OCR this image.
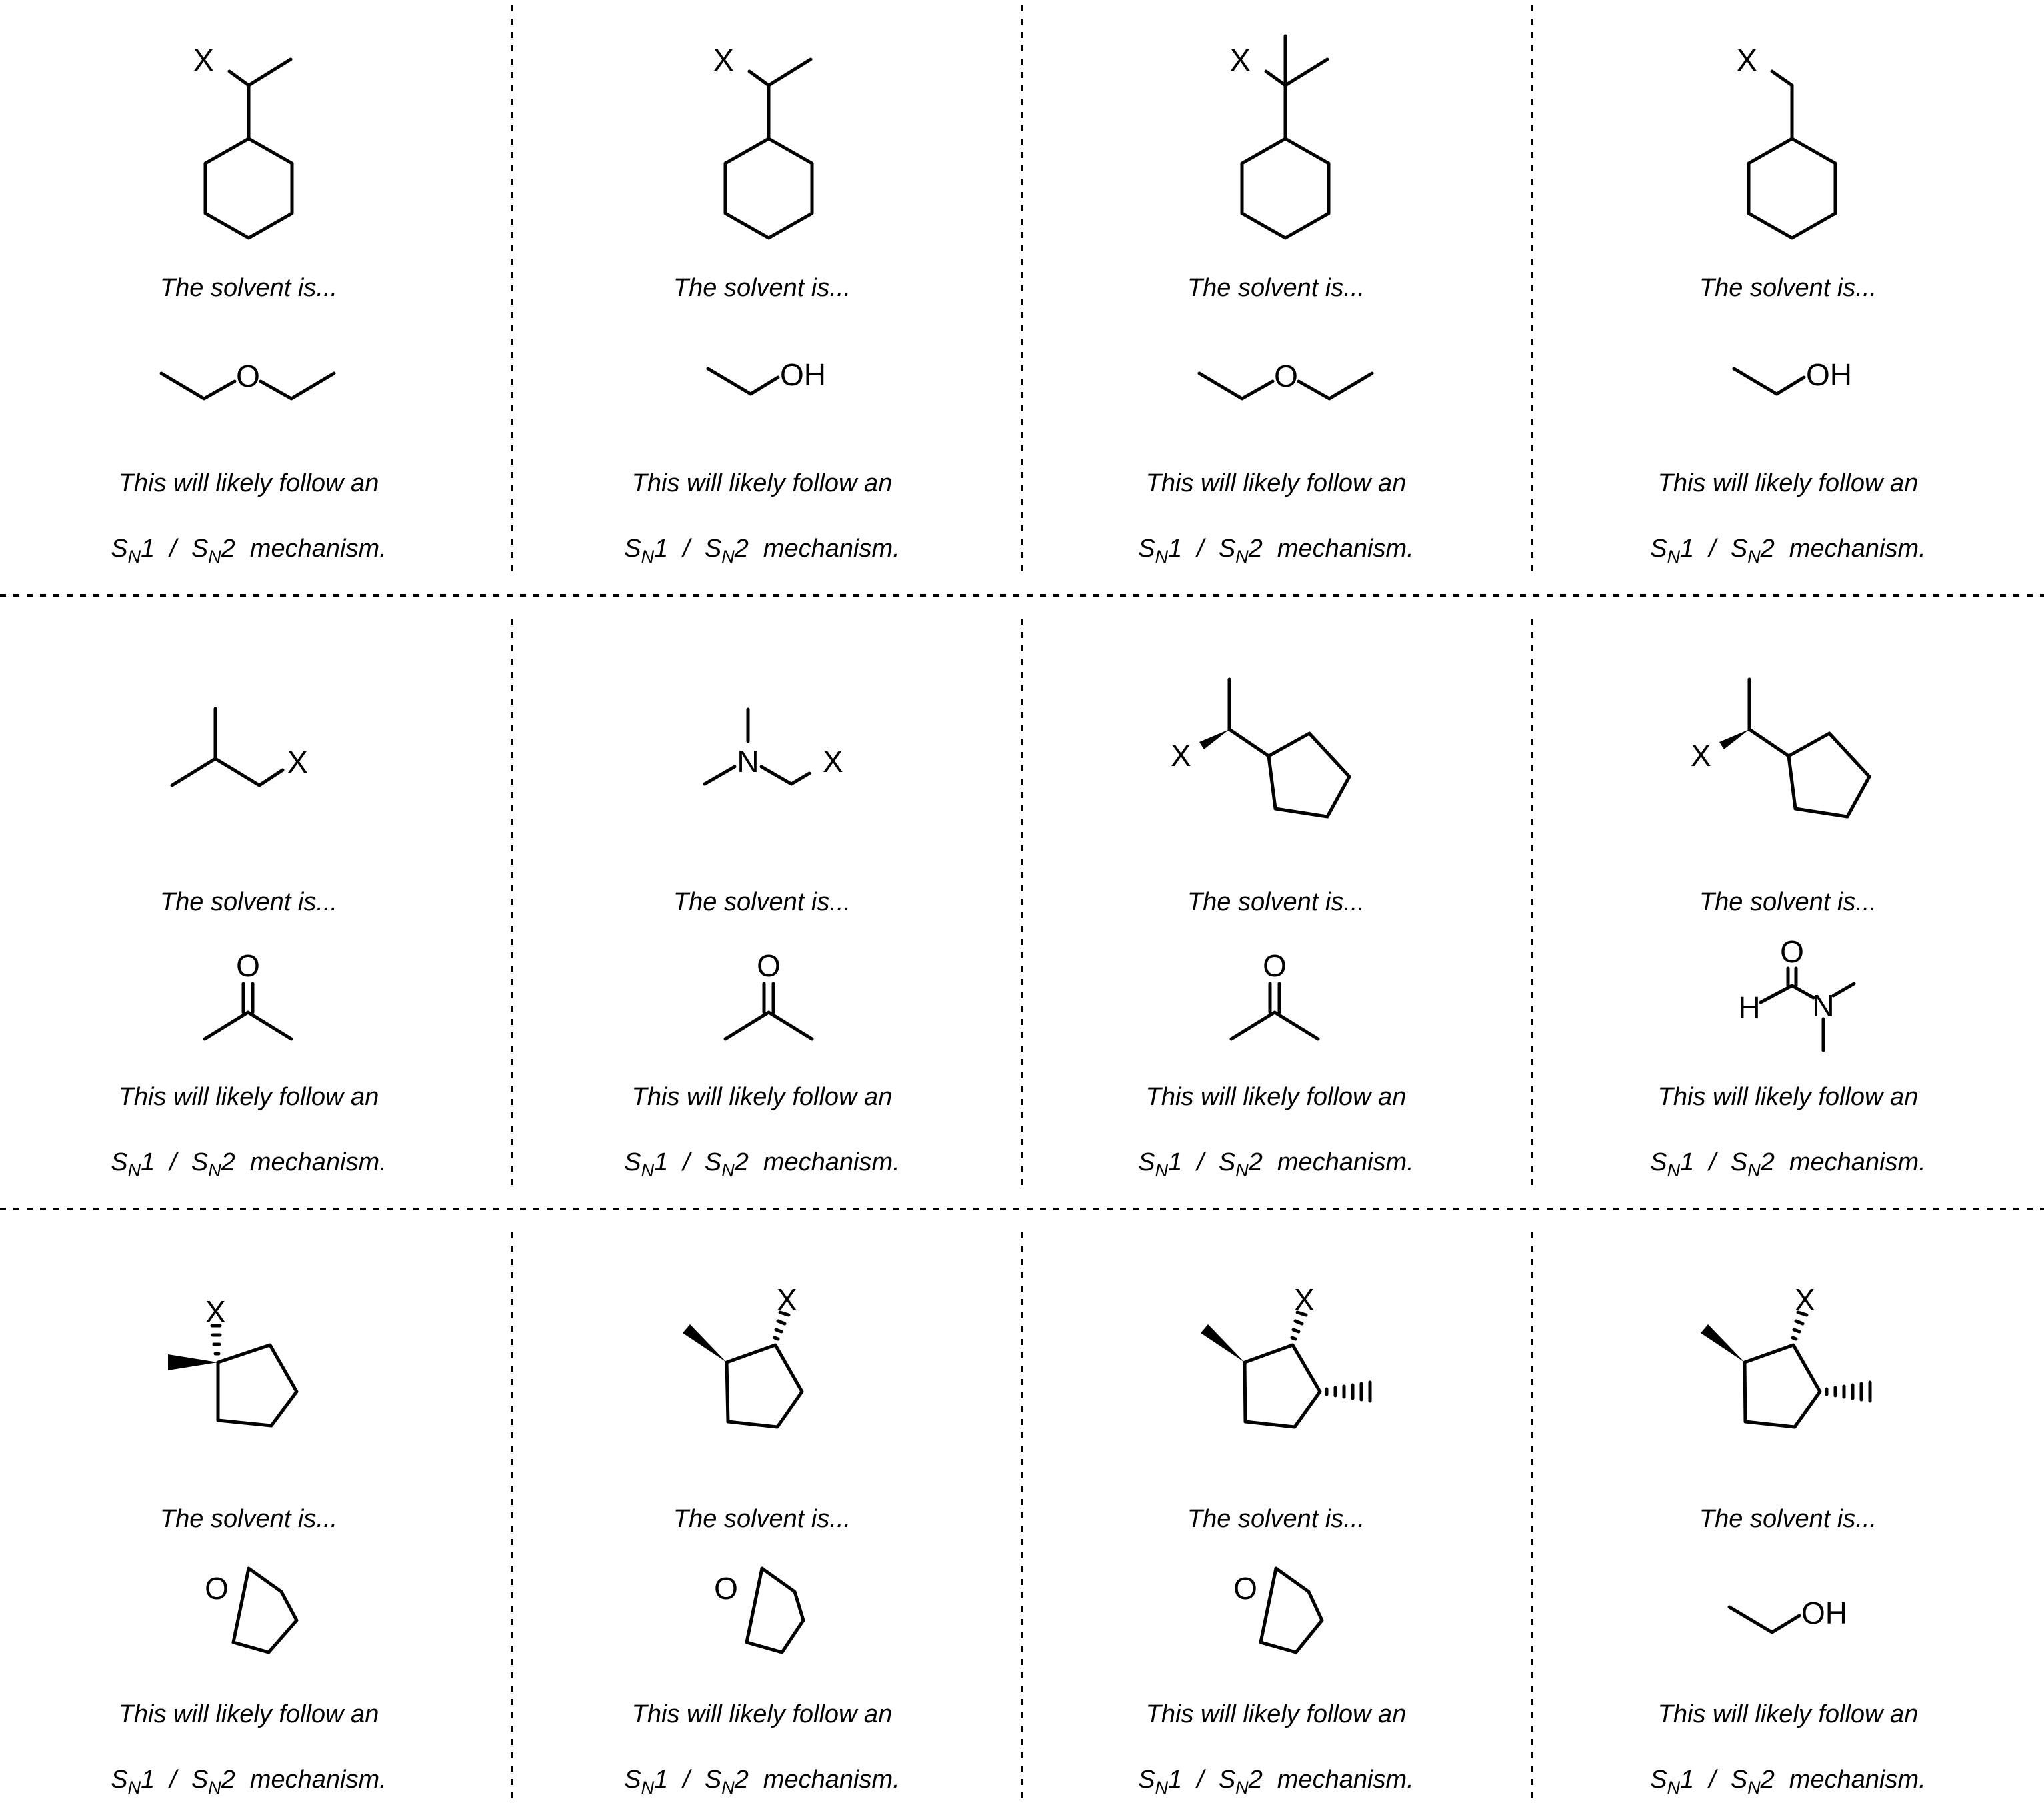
X
The solvent is...
O
This will likely follow an
$S_N1 / S_N2$ mechanism.
X
The solvent is...
OH
This will likely follow an
$S_N1 / S_N2$ mechanism.
X
The solvent is...
O
This will likely follow an
$S_N1 / S_N2$ mechanism.
X
The solvent is...
OH
This will likely follow an
$S_N1 / S_N2$ mechanism.
X
The solvent is...
O
This will likely follow an
$S_N1 / S_N2$ mechanism.
N X
The solvent is...
O
This will likely follow an
$S_N1 / S_N2$ mechanism.
X
The solvent is...
O
This will likely follow an
$S_N1 / S_N2$ mechanism.
X
The solvent is...
O
H N
This will likely follow an
$S_N1 / S_N2$ mechanism.
X
The solvent is...
O
This will likely follow an
$S_N1 / S_N2$ mechanism.
X
The solvent is...
O
This will likely follow an
$S_N1 / S_N2$ mechanism.
X
The solvent is...
O
This will likely follow an
$S_N1 / S_N2$ mechanism.
X
The solvent is...
OH
This will likely follow an
$S_N1 / S_N2$ mechanism.
